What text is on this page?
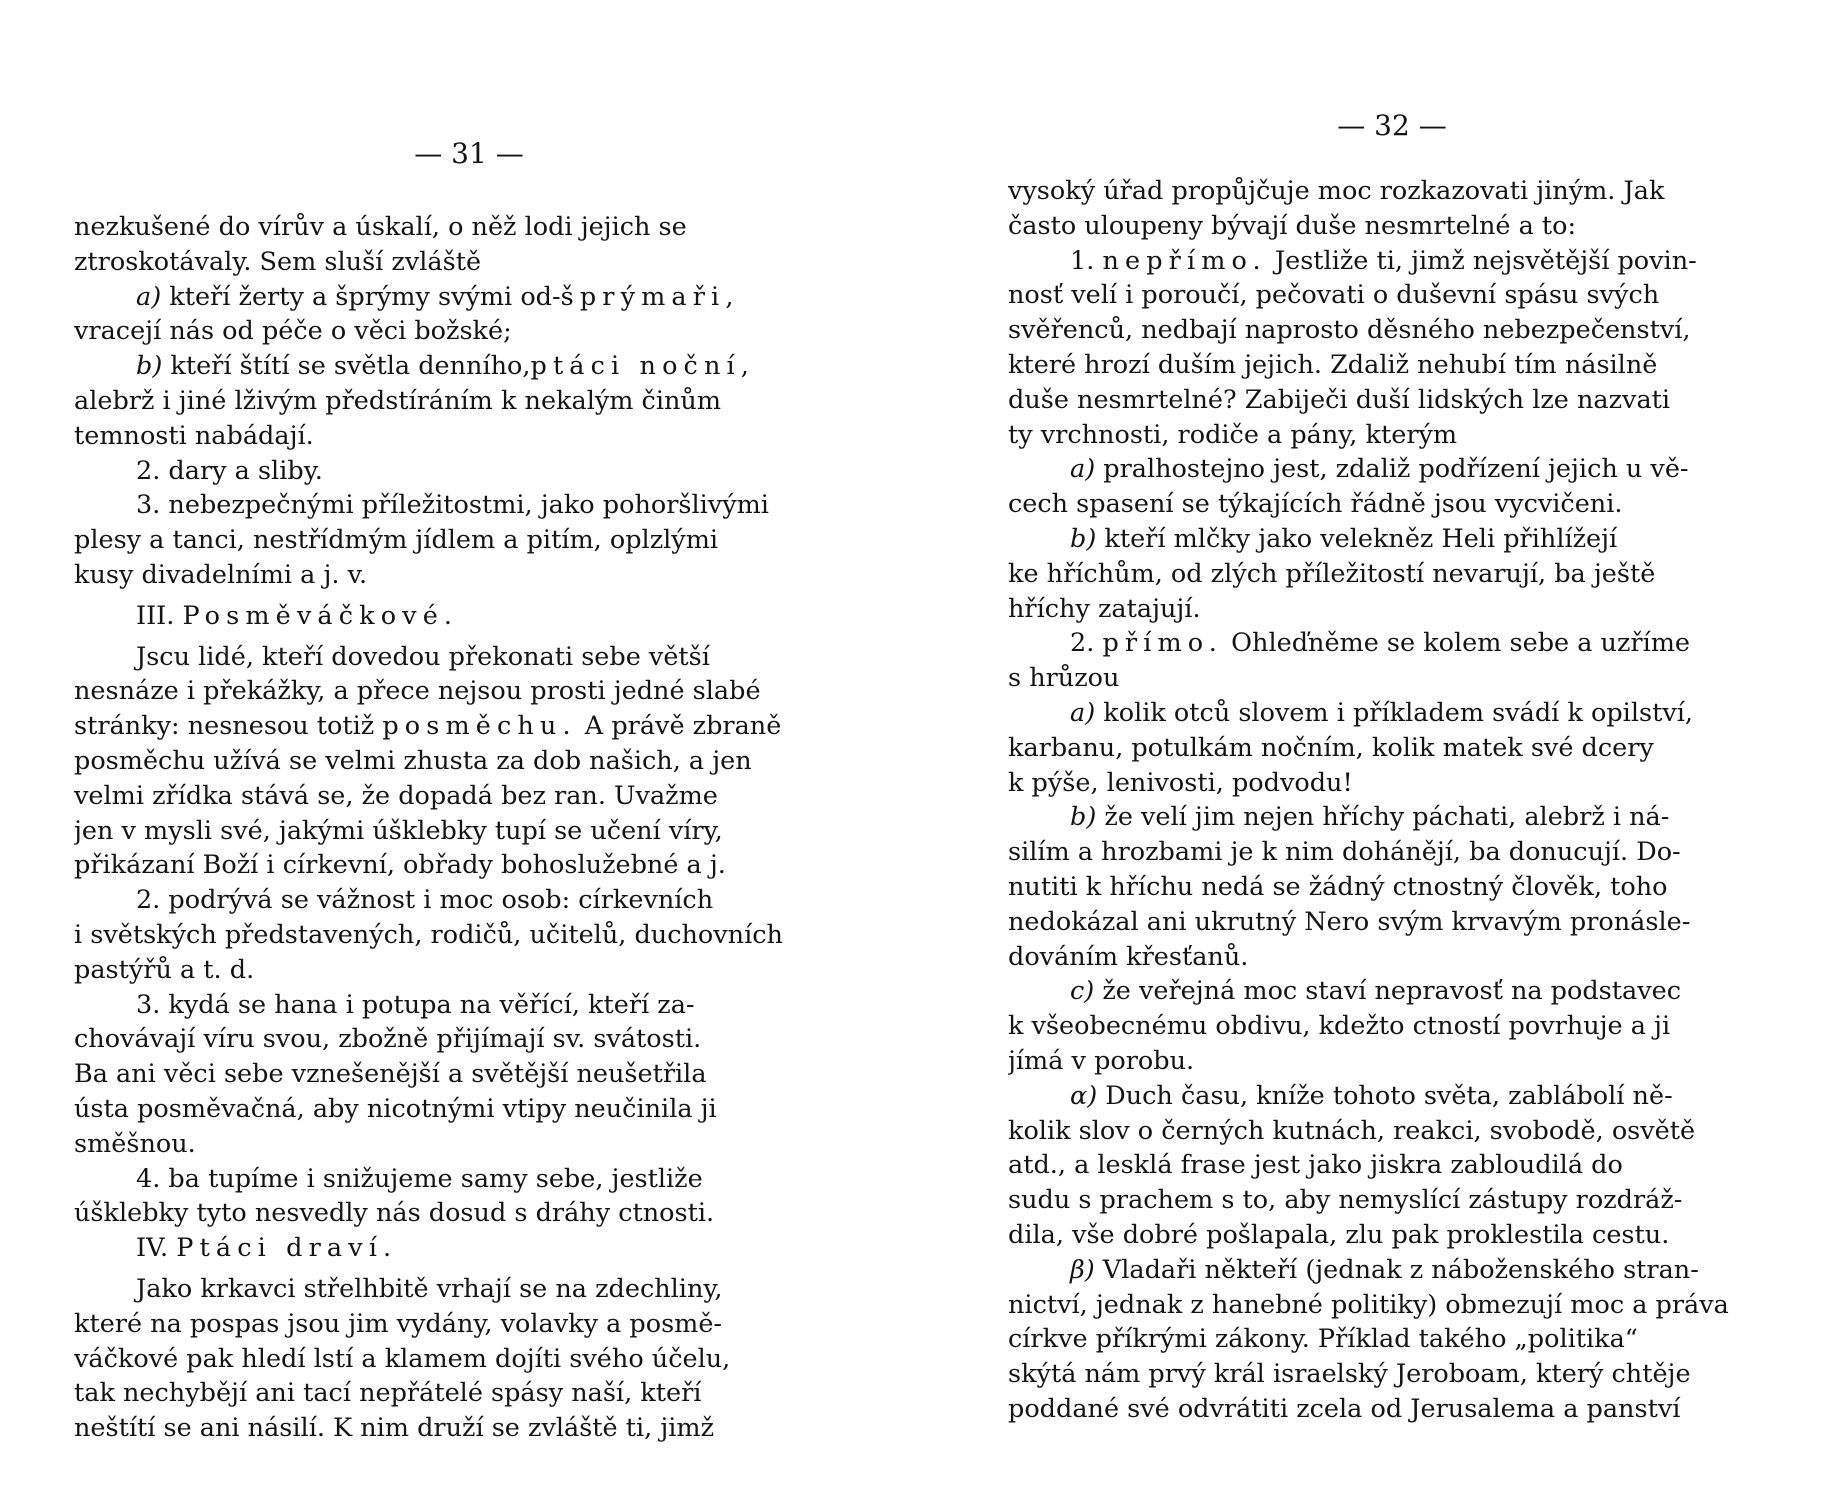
— 31 —
nezkušené do vírův a úskalí, o něž lodi jejich se
ztroskotávaly. Sem sluší zvláště
a) kteří žerty a šprýmy svými od-šprýmaři,
vracejí nás od péče o věci božské;
b) kteří štítí se světla denního,ptáci noční,
alebrž i jiné lživým předstíráním k nekalým činům
temnosti nabádají.
2. dary a sliby.
3. nebezpečnými příležitostmi, jako pohoršlivými
plesy a tanci, nestřídmým jídlem a pitím, oplzlými
kusy divadelními a j. v.
III. Posměváčkové.
Jscu lidé, kteří dovedou překonati sebe větší
nesnáze i překážky, a přece nejsou prosti jedné slabé
stránky: nesnesou totiž posměchu. A právě zbraně
posměchu užívá se velmi zhusta za dob našich, a jen
velmi zřídka stává se, že dopadá bez ran. Uvažme
jen v mysli své, jakými úšklebky tupí se učení víry,
přikázaní Boží i církevní, obřady bohoslužebné a j.
2. podrývá se vážnost i moc osob: církevních
i světských představených, rodičů, učitelů, duchovních
pastýřů a t. d.
3. kydá se hana i potupa na věřící, kteří za-
chovávají víru svou, zbožně přijímají sv. svátosti.
Ba ani věci sebe vznešenější a světější neušetřila
ústa posměvačná, aby nicotnými vtipy neučinila ji
směšnou.
4. ba tupíme i snižujeme samy sebe, jestliže
úšklebky tyto nesvedly nás dosud s dráhy ctnosti.
IV. Ptáci draví.
Jako krkavci střelhbitě vrhají se na zdechliny,
které na pospas jsou jim vydány, volavky a posmě-
váčkové pak hledí lstí a klamem dojíti svého účelu,
tak nechybějí ani tací nepřátelé spásy naší, kteří
neštítí se ani násilí. K nim druží se zvláště ti, jimž
— 32 —
vysoký úřad propůjčuje moc rozkazovati jiným. Jak
často uloupeny bývají duše nesmrtelné a to:
1. nepřímo. Jestliže ti, jimž nejsvětější povin-
nosť velí i poroučí, pečovati o duševní spásu svých
svěřenců, nedbají naprosto děsného nebezpečenství,
které hrozí duším jejich. Zdaliž nehubí tím násilně
duše nesmrtelné? Zabiječi duší lidských lze nazvati
ty vrchnosti, rodiče a pány, kterým
a) pralhostejno jest, zdaliž podřízení jejich u vě-
cech spasení se týkajících řádně jsou vycvičeni.
b) kteří mlčky jako velekněz Heli přihlížejí
ke hříchům, od zlých příležitostí nevarují, ba ještě
hříchy zatajují.
2. přímo. Ohleďněme se kolem sebe a uzříme
s hrůzou
a) kolik otců slovem i příkladem svádí k opilství,
karbanu, potulkám nočním, kolik matek své dcery
k pýše, lenivosti, podvodu!
b) že velí jim nejen hříchy páchati, alebrž i ná-
silím a hrozbami je k nim dohánějí, ba donucují. Do-
nutiti k hříchu nedá se žádný ctnostný člověk, toho
nedokázal ani ukrutný Nero svým krvavým pronásle-
dováním křesťanů.
c) že veřejná moc staví nepravosť na podstavec
k všeobecnému obdivu, kdežto ctností povrhuje a ji
jímá v porobu.
α) Duch času, kníže tohoto světa, zablábolí ně-
kolik slov o černých kutnách, reakci, svobodě, osvětě
atd., a lesklá frase jest jako jiskra zabloudilá do
sudu s prachem s to, aby nemyslící zástupy rozdráž-
dila, vše dobré pošlapala, zlu pak proklestila cestu.
β) Vladaři někteří (jednak z náboženského stran-
nictví, jednak z hanebné politiky) obmezují moc a práva
církve příkrými zákony. Příklad takého „politika“
skýtá nám prvý král israelský Jeroboam, který chtěje
poddané své odvrátiti zcela od Jerusalema a panství
